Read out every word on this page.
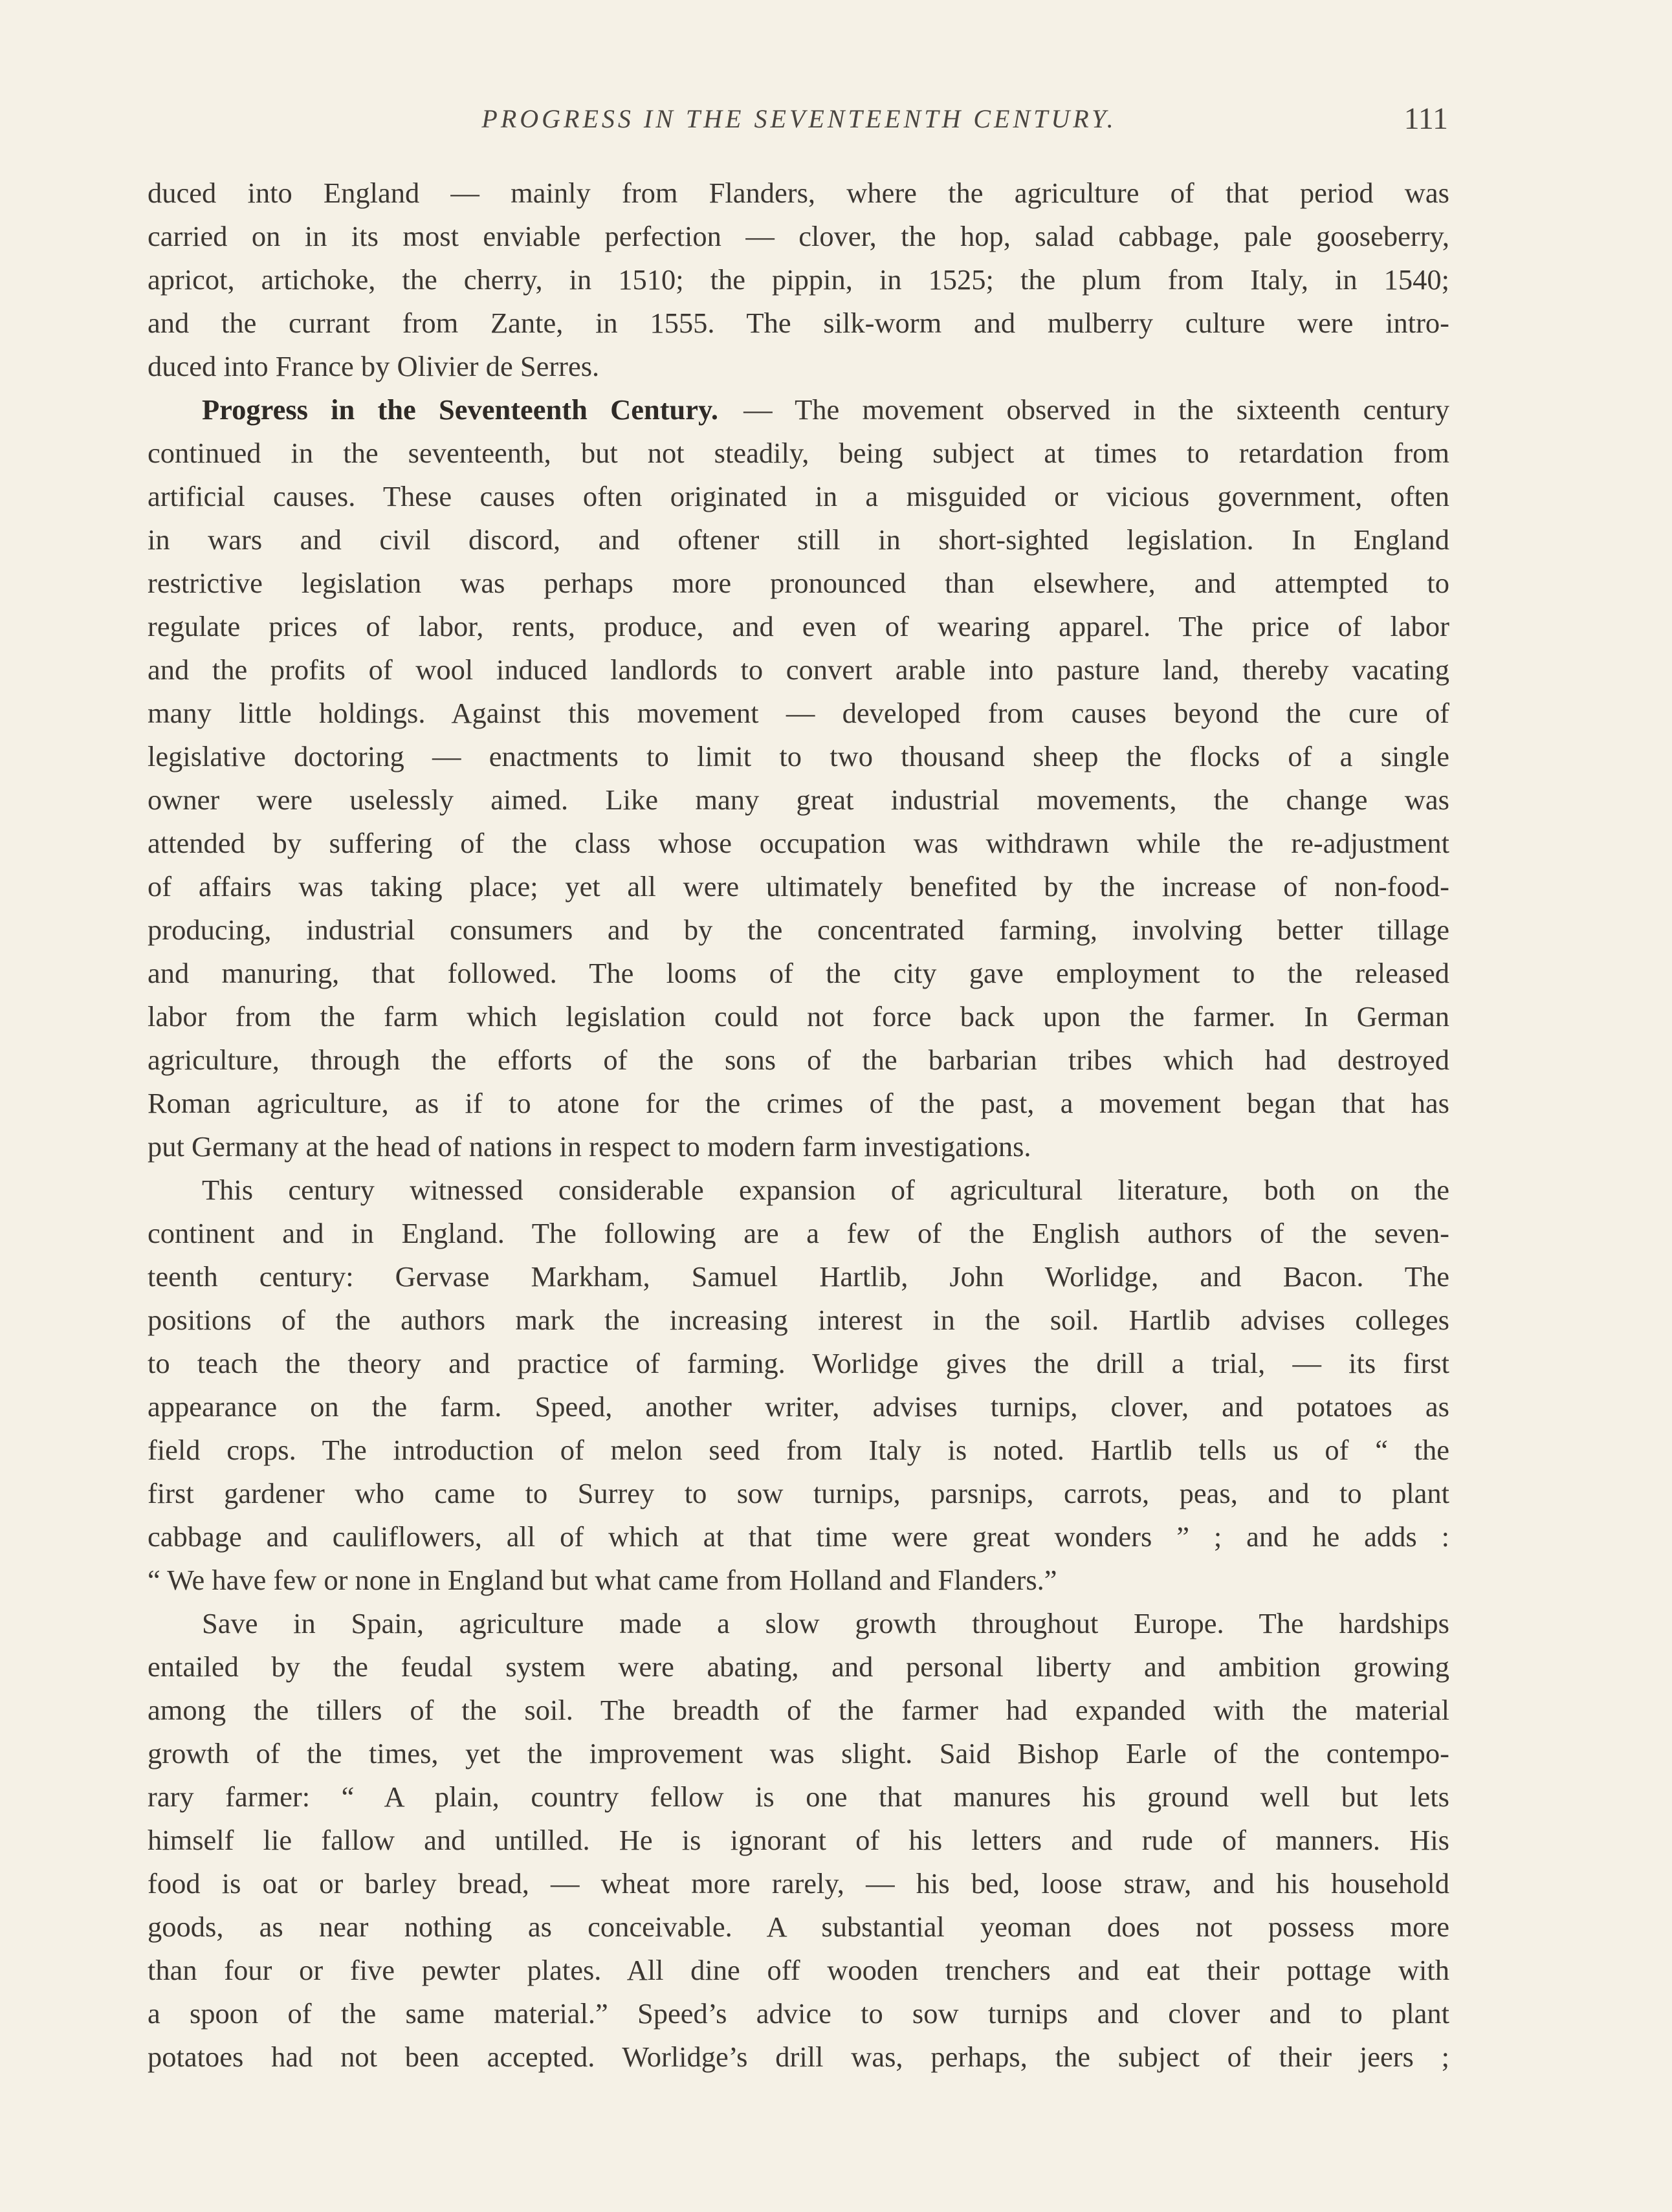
PROGRESS IN THE SEVENTEENTH CENTURY.	111
duced into England — mainly from Flanders, where the agriculture of that period was
carried on in its most enviable perfection — clover, the hop, salad cabbage, pale gooseberry,
apricot, artichoke, the cherry, in 1510; the pippin, in 1525; the plum from Italy, in 1540;
and the currant from Zante, in 1555. The silk-worm and mulberry culture were intro-
duced into France by Olivier de Serres.
Progress in the Seventeenth Century. — The movement observed in the sixteenth century
continued in the seventeenth, but not steadily, being subject at times to retardation from
artificial causes. These causes often originated in a misguided or vicious government, often
in wars and civil discord, and oftener still in short-sighted legislation. In England
restrictive legislation was perhaps more pronounced than elsewhere, and attempted to
regulate prices of labor, rents, produce, and even of wearing apparel. The price of labor
and the profits of wool induced landlords to convert arable into pasture land, thereby vacating
many little holdings. Against this movement — developed from causes beyond the cure of
legislative doctoring — enactments to limit to two thousand sheep the flocks of a single
owner were uselessly aimed. Like many great industrial movements, the change was
attended by suffering of the class whose occupation was withdrawn while the re-adjustment
of affairs was taking place; yet all were ultimately benefited by the increase of non-food-
producing, industrial consumers and by the concentrated farming, involving better tillage
and manuring, that followed. The looms of the city gave employment to the released
labor from the farm which legislation could not force back upon the farmer. In German
agriculture, through the efforts of the sons of the barbarian tribes which had destroyed
Roman agriculture, as if to atone for the crimes of the past, a movement began that has
put Germany at the head of nations in respect to modern farm investigations.
This century witnessed considerable expansion of agricultural literature, both on the
continent and in England. The following are a few of the English authors of the seven-
teenth century: Gervase Markham, Samuel Hartlib, John Worlidge, and Bacon. The
positions of the authors mark the increasing interest in the soil. Hartlib advises colleges
to teach the theory and practice of farming. Worlidge gives the drill a trial, — its first
appearance on the farm. Speed, another writer, advises turnips, clover, and potatoes as
field crops. The introduction of melon seed from Italy is noted. Hartlib tells us of “ the
first gardener who came to Surrey to sow turnips, parsnips, carrots, peas, and to plant
cabbage and cauliflowers, all of which at that time were great wonders ” ; and he adds :
“ We have few or none in England but what came from Holland and Flanders.”
Save in Spain, agriculture made a slow growth throughout Europe. The hardships
entailed by the feudal system were abating, and personal liberty and ambition growing
among the tillers of the soil. The breadth of the farmer had expanded with the material
growth of the times, yet the improvement was slight. Said Bishop Earle of the contempo-
rary farmer: “ A plain, country fellow is one that manures his ground well but lets
himself lie fallow and untilled. He is ignorant of his letters and rude of manners. His
food is oat or barley bread, — wheat more rarely, — his bed, loose straw, and his household
goods, as near nothing as conceivable. A substantial yeoman does not possess more
than four or five pewter plates. All dine off wooden trenchers and eat their pottage with
a spoon of the same material.” Speed’s advice to sow turnips and clover and to plant
potatoes had not been accepted. Worlidge’s drill was, perhaps, the subject of their jeers ;
